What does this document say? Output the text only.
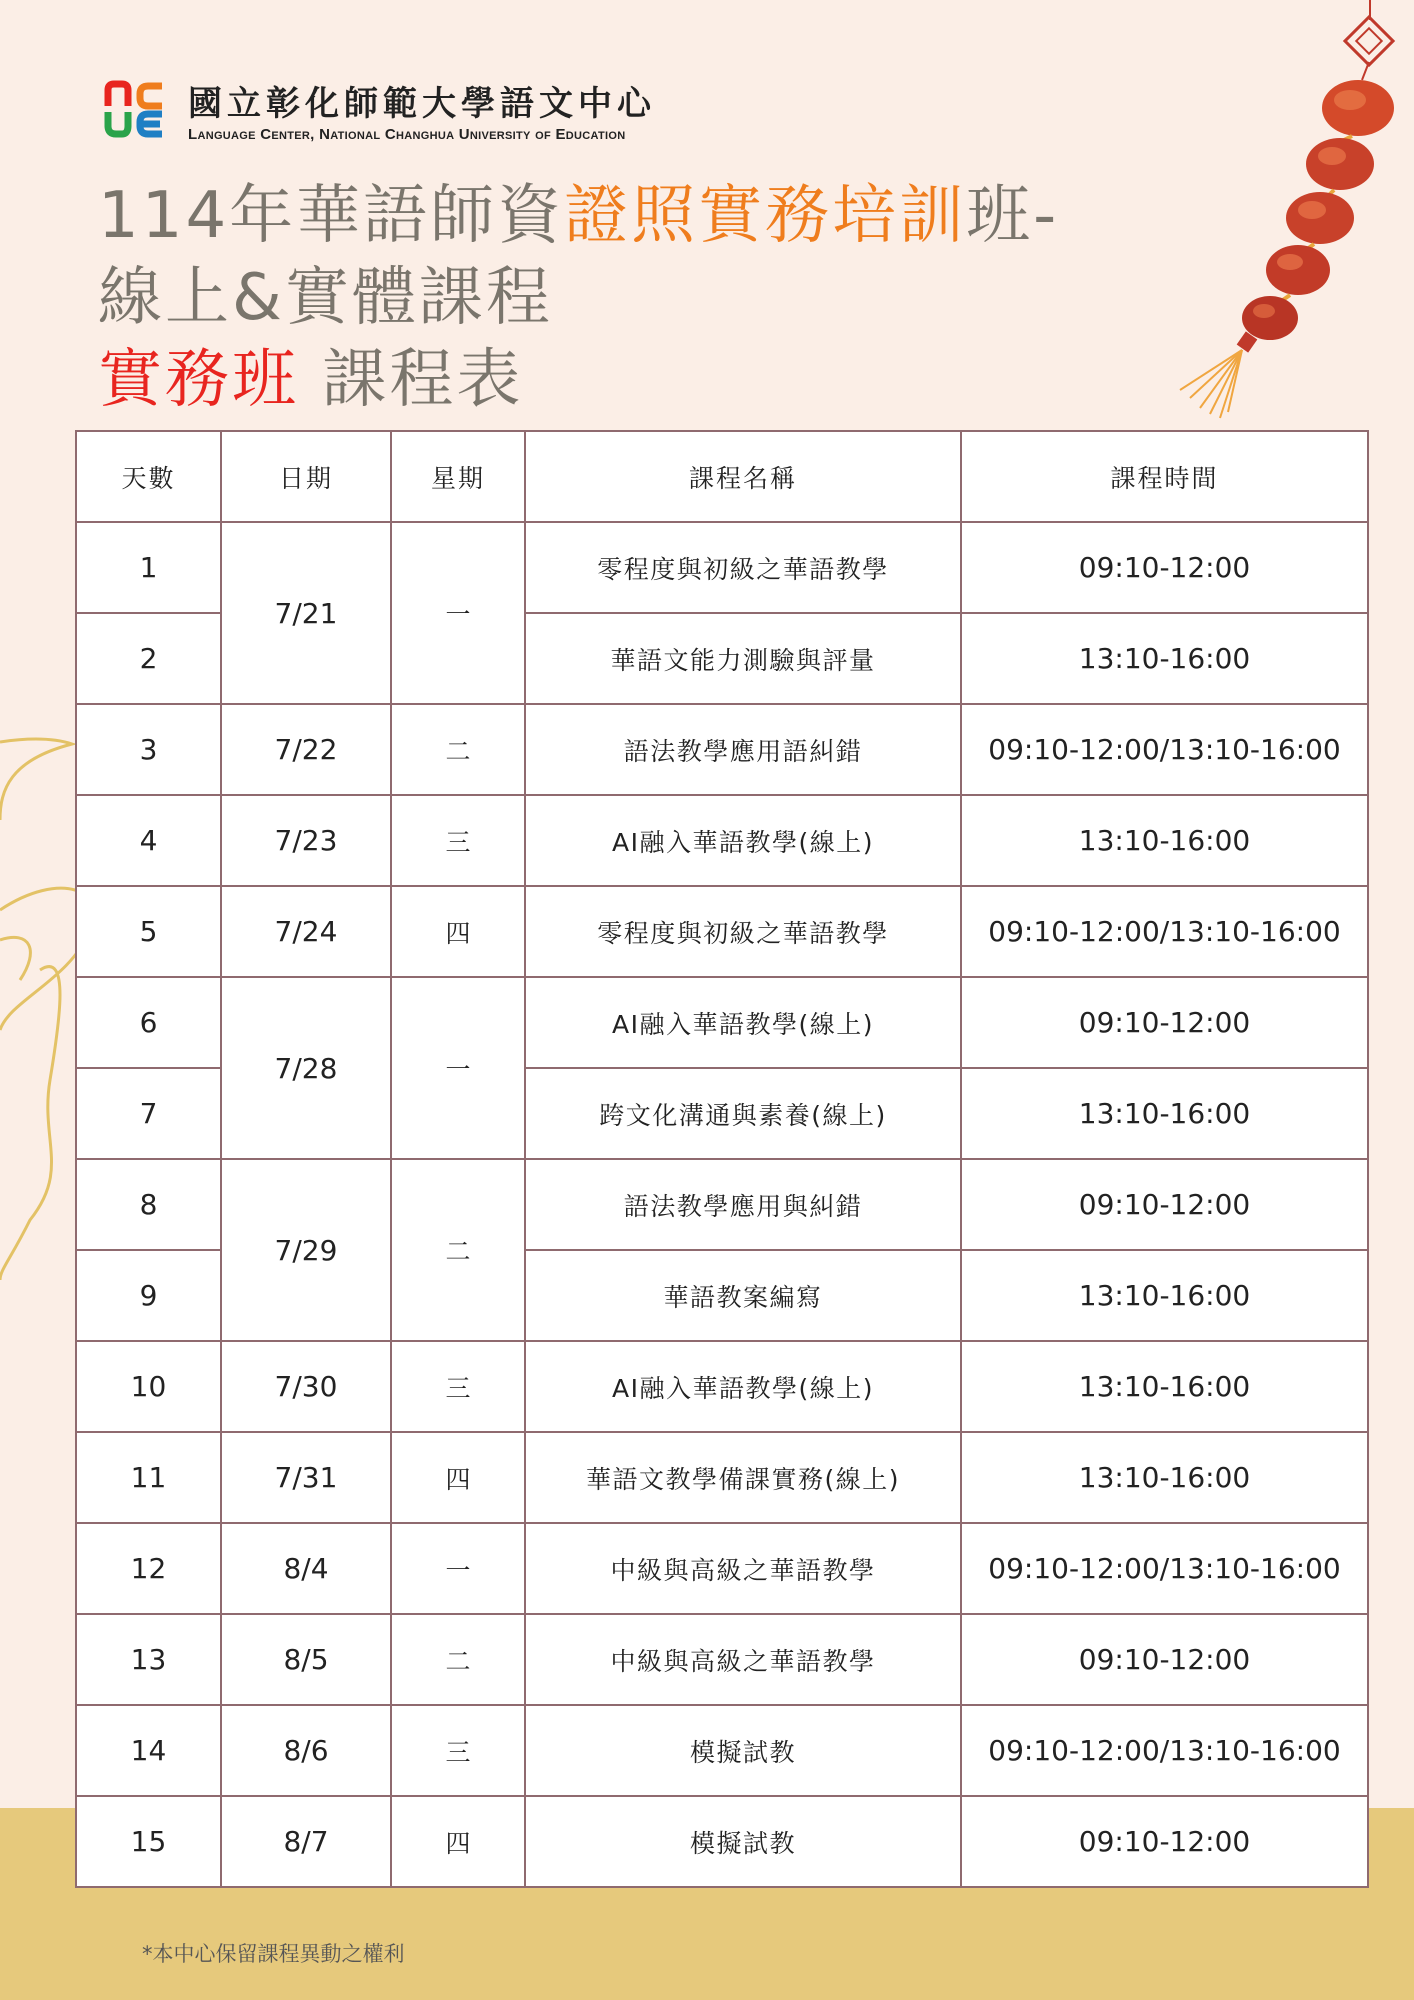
國立彰化師範大學語文中心
Language Center, National Changhua University of Education
114年華語師資證照實務培訓班-
線上&實體課程
實務班 課程表
天數	日期	星期	課程名稱	課程時間
1	7/21	一	零程度與初級之華語教學	09:10-12:00
2			華語文能力測驗與評量	13:10-16:00
3	7/22	二	語法教學應用語糾錯	09:10-12:00/13:10-16:00
4	7/23	三	AI融入華語教學(線上)	13:10-16:00
5	7/24	四	零程度與初級之華語教學	09:10-12:00/13:10-16:00
6	7/28	一	AI融入華語教學(線上)	09:10-12:00
7			跨文化溝通與素養(線上)	13:10-16:00
8	7/29	二	語法教學應用與糾錯	09:10-12:00
9			華語教案編寫	13:10-16:00
10	7/30	三	AI融入華語教學(線上)	13:10-16:00
11	7/31	四	華語文教學備課實務(線上)	13:10-16:00
12	8/4	一	中級與高級之華語教學	09:10-12:00/13:10-16:00
13	8/5	二	中級與高級之華語教學	09:10-12:00
14	8/6	三	模擬試教	09:10-12:00/13:10-16:00
15	8/7	四	模擬試教	09:10-12:00
*本中心保留課程異動之權利
